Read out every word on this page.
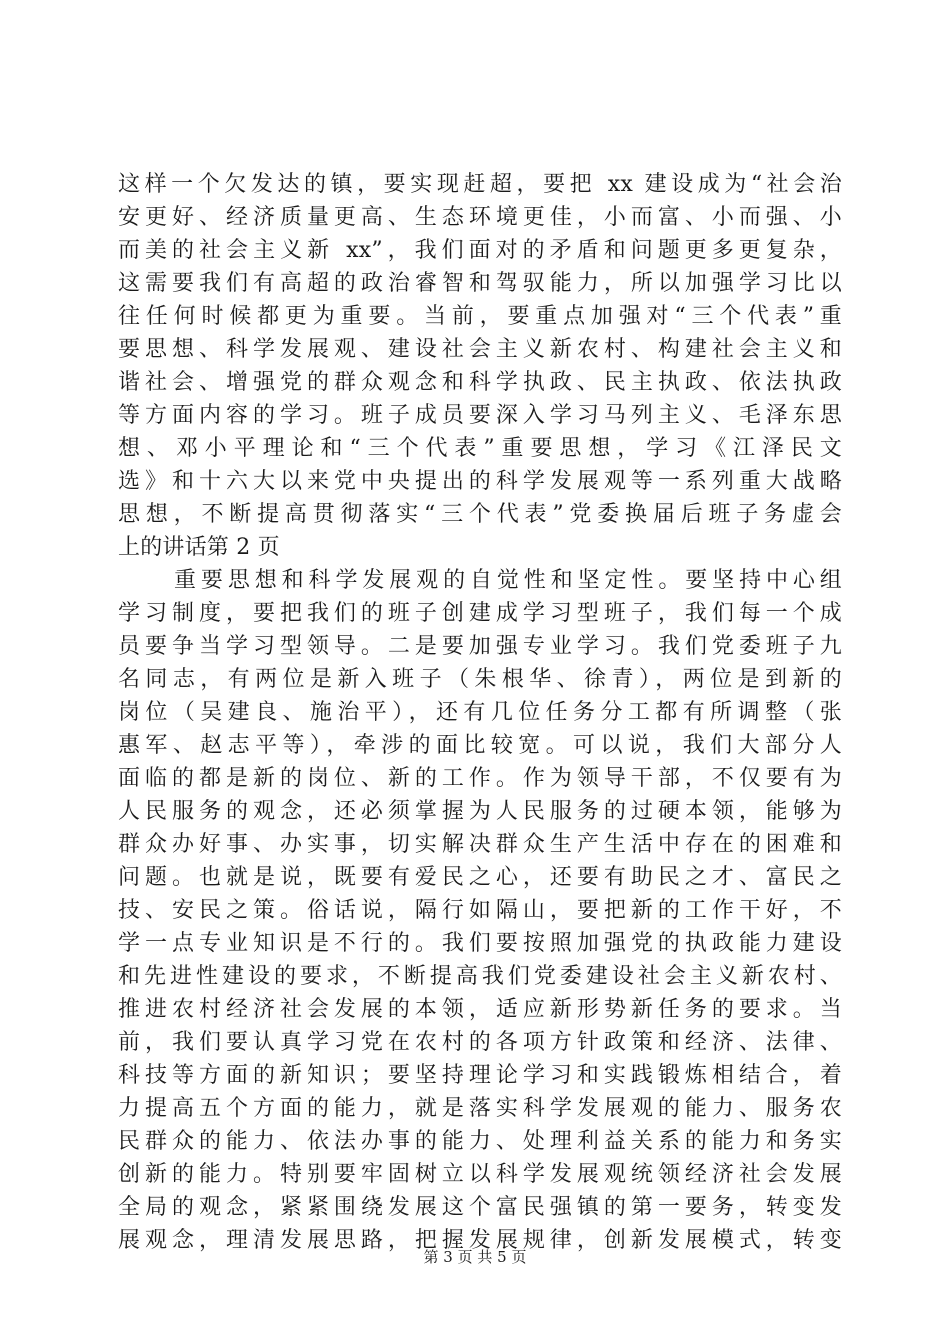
这样一个欠发达的镇，要实现赶超，要把 xx 建设成为“社会治
安更好、经济质量更高、生态环境更佳，小而富、小而强、小
而美的社会主义新 xx”，我们面对的矛盾和问题更多更复杂，
这需要我们有高超的政治睿智和驾驭能力，所以加强学习比以
往任何时候都更为重要。当前，要重点加强对“三个代表”重
要思想、科学发展观、建设社会主义新农村、构建社会主义和
谐社会、增强党的群众观念和科学执政、民主执政、依法执政
等方面内容的学习。班子成员要深入学习马列主义、毛泽东思
想、邓小平理论和“三个代表”重要思想，学习《江泽民文
选》和十六大以来党中央提出的科学发展观等一系列重大战略
思想，不断提高贯彻落实“三个代表”党委换届后班子务虚会
上的讲话第 2 页
重要思想和科学发展观的自觉性和坚定性。要坚持中心组
学习制度，要把我们的班子创建成学习型班子，我们每一个成
员要争当学习型领导。二是要加强专业学习。我们党委班子九
名同志，有两位是新入班子（朱根华、徐青），两位是到新的
岗位（吴建良、施治平），还有几位任务分工都有所调整（张
惠军、赵志平等），牵涉的面比较宽。可以说，我们大部分人
面临的都是新的岗位、新的工作。作为领导干部，不仅要有为
人民服务的观念，还必须掌握为人民服务的过硬本领，能够为
群众办好事、办实事，切实解决群众生产生活中存在的困难和
问题。也就是说，既要有爱民之心，还要有助民之才、富民之
技、安民之策。俗话说，隔行如隔山，要把新的工作干好，不
学一点专业知识是不行的。我们要按照加强党的执政能力建设
和先进性建设的要求，不断提高我们党委建设社会主义新农村、
推进农村经济社会发展的本领，适应新形势新任务的要求。当
前，我们要认真学习党在农村的各项方针政策和经济、法律、
科技等方面的新知识；要坚持理论学习和实践锻炼相结合，着
力提高五个方面的能力，就是落实科学发展观的能力、服务农
民群众的能力、依法办事的能力、处理利益关系的能力和务实
创新的能力。特别要牢固树立以科学发展观统领经济社会发展
全局的观念，紧紧围绕发展这个富民强镇的第一要务，转变发
展观念，理清发展思路，把握发展规律，创新发展模式，转变
第 3 页 共 5 页
